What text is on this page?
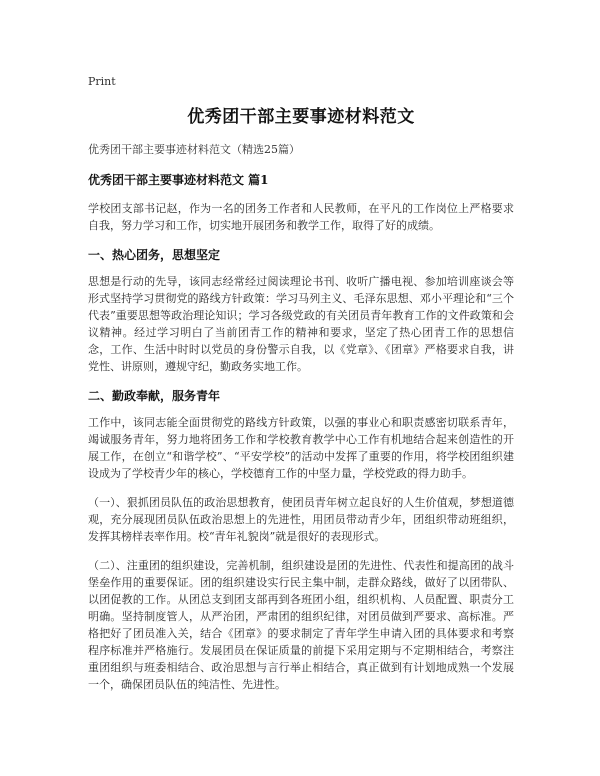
Print
优秀团干部主要事迹材料范文

优秀团干部主要事迹材料范文（精选25篇）

优秀团干部主要事迹材料范文 篇1

学校团支部书记赵，作为一名的团务工作者和人民教师，在平凡的工作岗位上严格要求自我，努力学习和工作，切实地开展团务和教学工作，取得了好的成绩。

一、热心团务，思想坚定

思想是行动的先导，该同志经常经过阅读理论书刊、收听广播电视、参加培训座谈会等形式坚持学习贯彻党的路线方针政策：学习马列主义、毛泽东思想、邓小平理论和“三个代表”重要思想等政治理论知识；学习各级党政的有关团员青年教育工作的文件政策和会议精神。经过学习明白了当前团青工作的精神和要求，坚定了热心团青工作的思想信念，工作、生活中时时以党员的身份警示自我，以《党章》、《团章》严格要求自我，讲党性、讲原则，遵规守纪，勤政务实地工作。

二、勤政奉献，服务青年

工作中，该同志能全面贯彻党的路线方针政策，以强的事业心和职责感密切联系青年，竭诚服务青年，努力地将团务工作和学校教育教学中心工作有机地结合起来创造性的开展工作，在创立“和谐学校”、“平安学校”的活动中发挥了重要的作用，将学校团组织建设成为了学校青少年的核心，学校德育工作的中坚力量，学校党政的得力助手。

（一）、狠抓团员队伍的政治思想教育，使团员青年树立起良好的人生价值观，梦想道德观，充分展现团员队伍政治思想上的先进性，用团员带动青少年，团组织带动班组织，发挥其榜样表率作用。校“青年礼貌岗”就是很好的表现形式。

（二）、注重团的组织建设，完善机制，组织建设是团的先进性、代表性和提高团的战斗堡垒作用的重要保证。团的组织建设实行民主集中制，走群众路线，做好了以团带队、以团促教的工作。从团总支到团支部再到各班团小组，组织机构、人员配置、职责分工明确。坚持制度管人，从严治团，严肃团的组织纪律，对团员做到严要求、高标准。严格把好了团员准入关，结合《团章》的要求制定了青年学生申请入团的具体要求和考察程序标准并严格施行。发展团员在保证质量的前提下采用定期与不定期相结合，考察注重团组织与班委相结合、政治思想与言行举止相结合，真正做到有计划地成熟一个发展一个，确保团员队伍的纯洁性、先进性。
